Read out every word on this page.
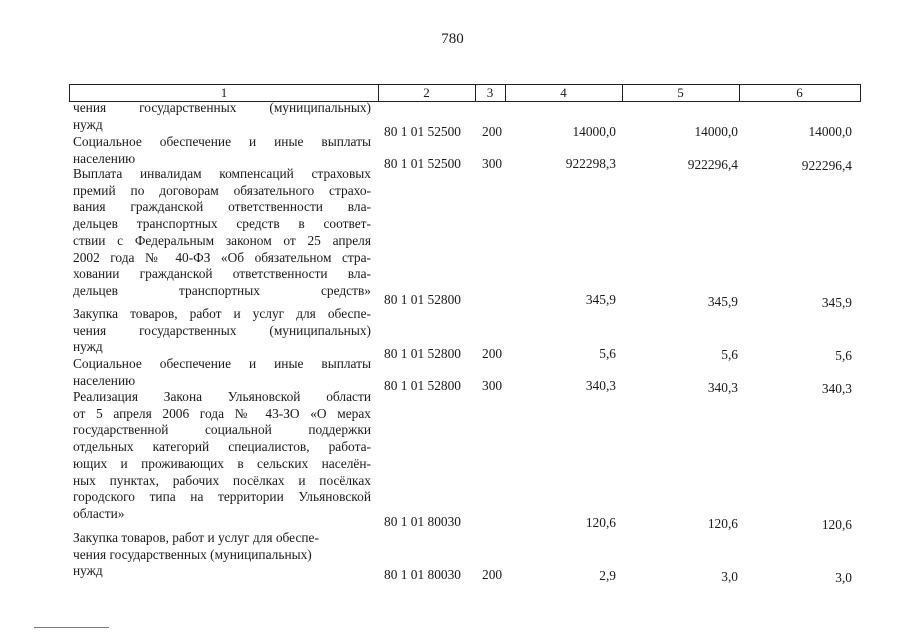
780
1	2	3	4	5	6
чения государственных (муниципальных)
нужд	80 1 01 52500 200	14000,0	14000,0	14000,0
Социальное обеспечение и иные выплаты
населению	80 1 01 52500 300	922298,3	922296,4	922296,4
Выплата инвалидам компенсаций страховых
премий по договорам обязательного страхо-
вания гражданской ответственности вла-
дельцев транспортных средств в соответ-
ствии с Федеральным законом от 25 апреля
2002 года № 40-ФЗ «Об обязательном стра-
ховании гражданской ответственности вла-
дельцев транспортных средств»
80 1 01 52800	345,9	345,9	345,9
Закупка товаров, работ и услуг для обеспе-
чения государственных (муниципальных)
нужд	80 1 01 52800 200	5,6	5,6	5,6
Социальное обеспечение и иные выплаты
населению	80 1 01 52800 300	340,3	340,3	340,3
Реализация Закона Ульяновской области
от 5 апреля 2006 года № 43-ЗО «О мерах
государственной социальной поддержки
отдельных категорий специалистов, работа-
ющих и проживающих в сельских населён-
ных пунктах, рабочих посёлках и посёлках
городского типа на территории Ульяновской
области»
80 1 01 80030	120,6	120,6	120,6
Закупка товаров, работ и услуг для обеспе-
чения государственных (муниципальных)
нужд	80 1 01 80030 200	2,9	3,0	3,0
